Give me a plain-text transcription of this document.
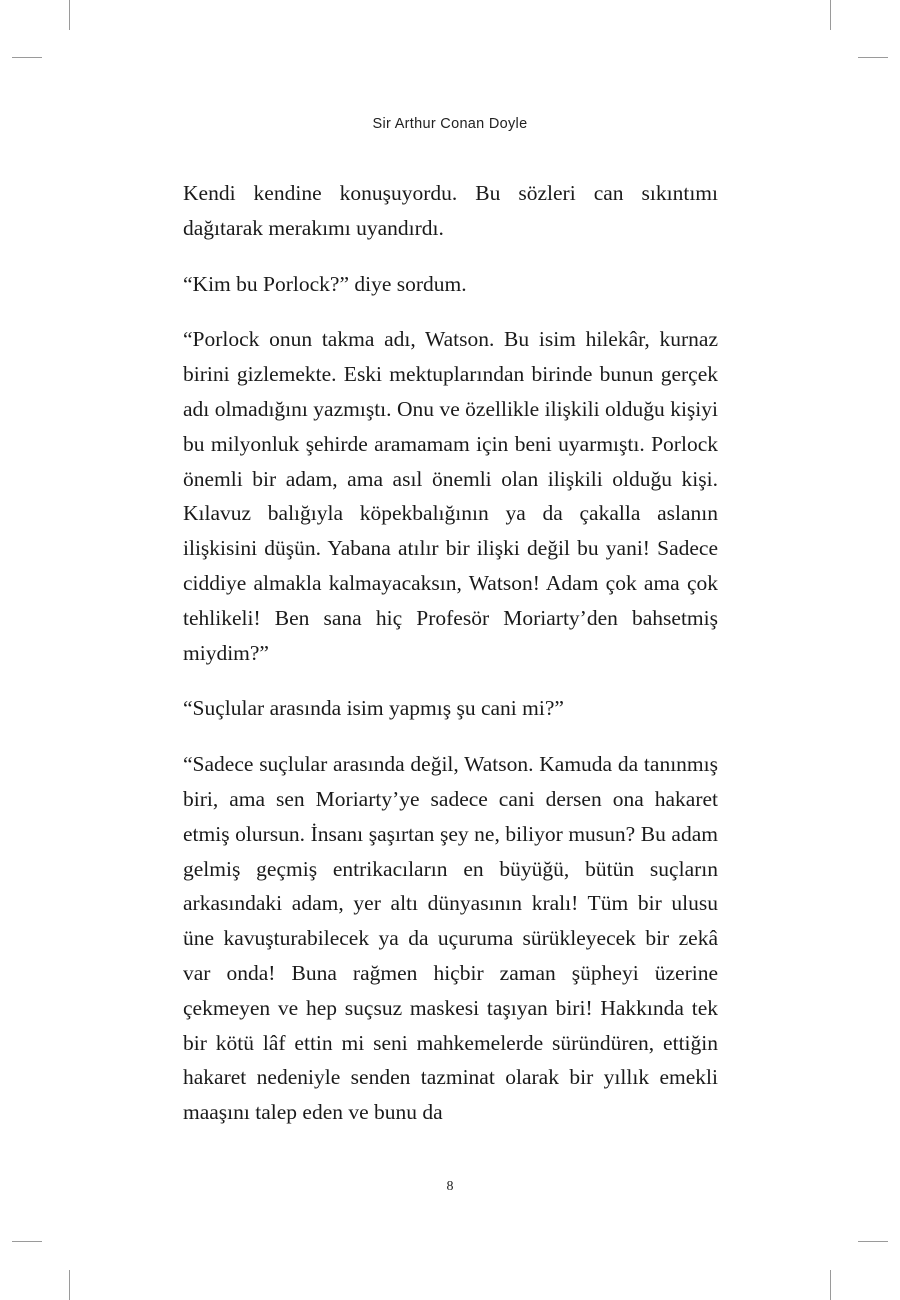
Sir Arthur Conan Doyle

Kendi kendine konuşuyordu. Bu sözleri can sıkıntımı dağıtarak merakımı uyandırdı.

“Kim bu Porlock?” diye sordum.

“Porlock onun takma adı, Watson. Bu isim hilekâr, kurnaz birini gizlemekte. Eski mektuplarından birinde bunun gerçek adı olmadığını yazmıştı. Onu ve özellikle ilişkili olduğu kişiyi bu milyonluk şehirde aramamam için beni uyarmıştı. Porlock önemli bir adam, ama asıl önemli olan ilişkili olduğu kişi. Kılavuz balığıyla köpekbalığının ya da çakalla aslanın ilişkisini düşün. Yabana atılır bir ilişki değil bu yani! Sadece ciddiye almakla kalmayacaksın, Watson! Adam çok ama çok tehlikeli! Ben sana hiç Profesör Moriarty’den bahsetmiş miydim?”

“Suçlular arasında isim yapmış şu cani mi?”

“Sadece suçlular arasında değil, Watson. Kamuda da tanınmış biri, ama sen Moriarty’ye sadece cani dersen ona hakaret etmiş olursun. İnsanı şaşırtan şey ne, biliyor musun? Bu adam gelmiş geçmiş entrikacıların en büyüğü, bütün suçların arkasındaki adam, yer altı dünyasının kralı! Tüm bir ulusu üne kavuşturabilecek ya da uçuruma sürükleyecek bir zekâ var onda! Buna rağmen hiçbir zaman şüpheyi üzerine çekmeyen ve hep suçsuz maskesi taşıyan biri! Hakkında tek bir kötü lâf ettin mi seni mahkemelerde süründüren, ettiğin hakaret nedeniyle senden tazminat olarak bir yıllık emekli maaşını talep eden ve bunu da

8
